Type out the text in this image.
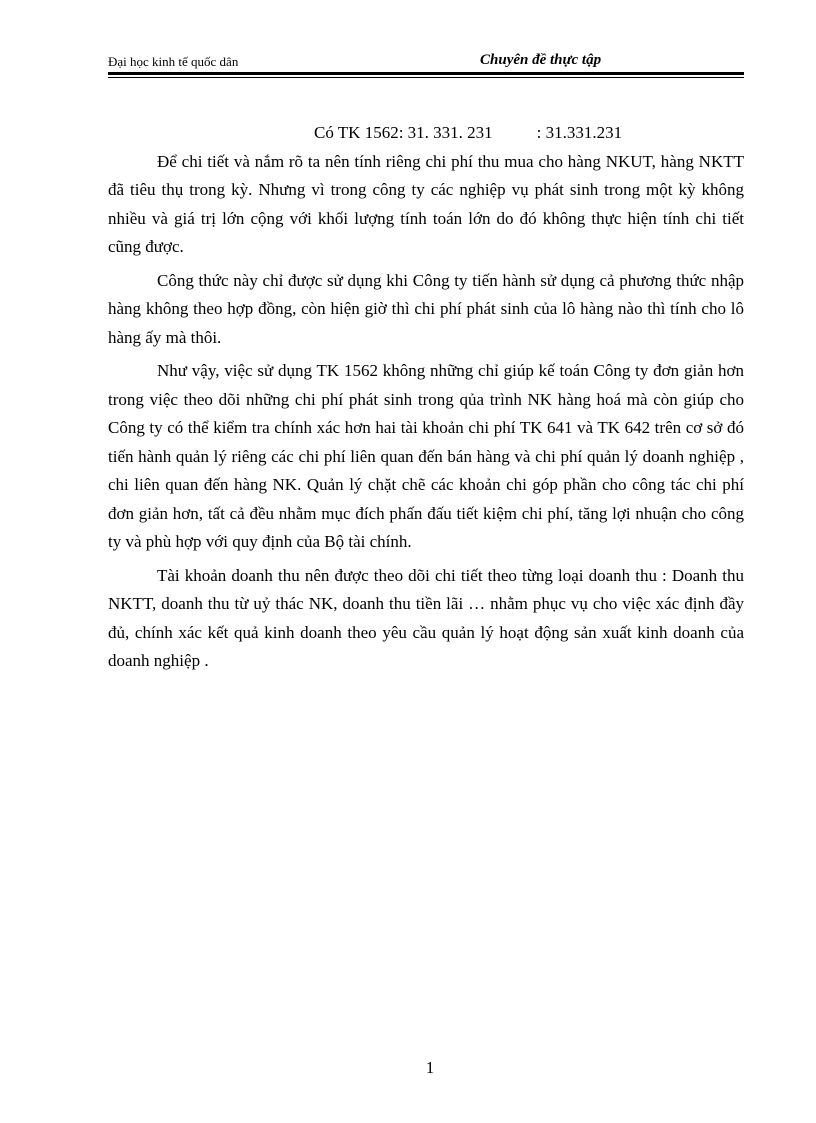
Đại học kinh tế quốc dân	Chuyên đề thực tập

Có TK 1562: 31. 331. 231	: 31.331.231

Để chi tiết và nắm rõ ta nên tính riêng chi phí thu mua cho hàng NKUT, hàng NKTT đã tiêu thụ trong kỳ. Nhưng vì trong công ty các nghiệp vụ phát sinh trong một kỳ không nhiều và giá trị lớn cộng với khối lượng tính toán lớn do đó không thực hiện tính chi tiết cũng được.

Công thức này chỉ được sử dụng khi Công ty tiến hành sử dụng cả phương thức nhập hàng không theo hợp đồng, còn hiện giờ thì chi phí phát sinh của lô hàng nào thì tính cho lô hàng ấy mà thôi.

Như vậy, việc sử dụng TK 1562 không những chỉ giúp kế toán Công ty đơn giản hơn trong việc theo dõi những chi phí phát sinh trong qủa trình NK hàng hoá mà còn giúp cho Công ty có thể kiểm tra chính xác hơn hai tài khoản chi phí TK 641 và TK 642 trên cơ sở đó tiến hành quản lý riêng các chi phí liên quan đến bán hàng và chi phí quản lý doanh nghiệp , chi liên quan đến hàng NK. Quản lý chặt chẽ các khoản chi góp phần cho công tác chi phí đơn giản hơn, tất cả đều nhằm mục đích phấn đấu tiết kiệm chi phí, tăng lợi nhuận cho công ty và phù hợp với quy định của Bộ tài chính.

Tài khoản doanh thu nên được theo dõi chi tiết theo từng loại doanh thu : Doanh thu NKTT, doanh thu từ uỷ thác NK, doanh thu tiền lãi … nhằm phục vụ cho việc xác định đầy đủ, chính xác kết quả kinh doanh theo yêu cầu quản lý hoạt động sản xuất kinh doanh của doanh nghiệp .

1
